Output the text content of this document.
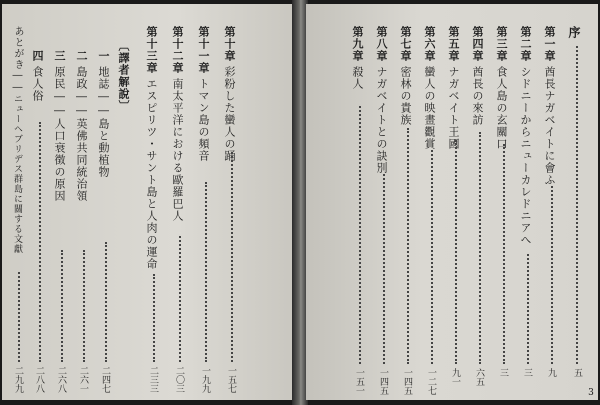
第十章彩粉した蠻人の踊
一五七
第十一章トマン島の頻音
一九九
第十二章南太平洋における歐羅巴人
二〇三
第十三章エスピリツ・サント島と人肉の運命
二三三
〔譯者解說〕
一地誌――島と動植物
二四七
二島政――英佛共同統治領
二六一
三原民――人口衰徴の原因
二六八
四食人俗
二八八
あとがき――ニューヘブリデス群島に關する文獻
二九九
序
五
第一章酋長ナガベイトに會ふ
九
第二章シドニーからニューカレドニアへ
三
第三章食人島の玄關口
三
第四章酋長の來訪
六五
第五章ナガベイト王國
九一
第六章蠻人の映畫觀賞
一二七
第七章密林の貴族
一四五
第八章ナガベイトとの訣別
一四五
第九章殺人
一五一	3
